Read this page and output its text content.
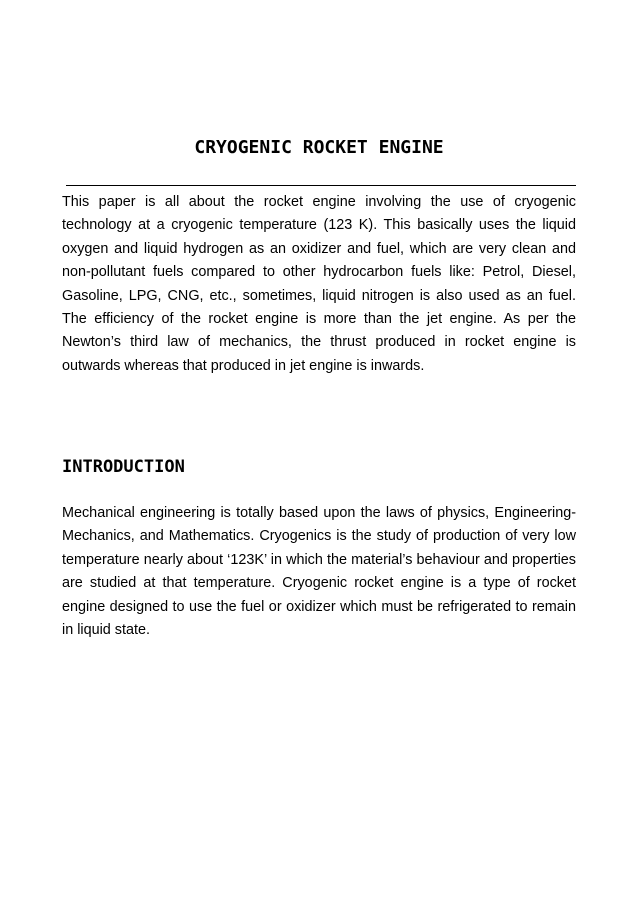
CRYOGENIC ROCKET ENGINE

This paper is all about the rocket engine involving the use of cryogenic technology at a cryogenic temperature (123 K). This basically uses the liquid oxygen and liquid hydrogen as an oxidizer and fuel, which are very clean and non-pollutant fuels compared to other hydrocarbon fuels like: Petrol, Diesel, Gasoline, LPG, CNG, etc., sometimes, liquid nitrogen is also used as an fuel. The efficiency of the rocket engine is more than the jet engine. As per the Newton’s third law of mechanics, the thrust produced in rocket engine is outwards whereas that produced in jet engine is inwards.

INTRODUCTION

Mechanical engineering is totally based upon the laws of physics, Engineering-Mechanics, and Mathematics. Cryogenics is the study of production of very low temperature nearly about ‘123K’ in which the material’s behaviour and properties are studied at that temperature. Cryogenic rocket engine is a type of rocket engine designed to use the fuel or oxidizer which must be refrigerated to remain in liquid state.
